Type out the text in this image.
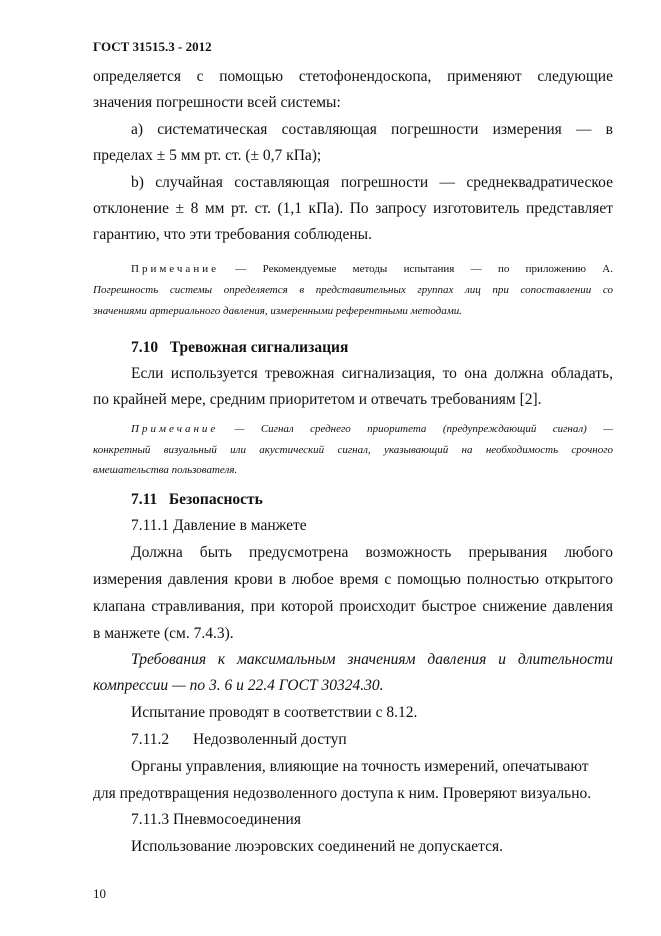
ГОСТ 31515.3 - 2012

определяется с помощью стетофонендоскопа, применяют следующие

значения погрешности всей системы:

а) систематическая составляющая погрешности измерения — в

пределах ± 5 мм рт. ст. (± 0,7 кПа);

b) случайная составляющая погрешности — среднеквадратическое

отклонение ± 8 мм рт. ст. (1,1 кПа). По запросу изготовитель представляет

гарантию, что эти требования соблюдены.

Примечание — Рекомендуемые методы испытания — по приложению А.

Погрешность системы определяется в представительных группах лиц при сопоставлении со

значениями артериального давления, измеренными референтными методами.

7.10 Тревожная сигнализация

Если используется тревожная сигнализация, то она должна обладать,

по крайней мере, средним приоритетом и отвечать требованиям [2].

Примечание — Сигнал среднего приоритета (предупреждающий сигнал) —

конкретный визуальный или акустический сигнал, указывающий на необходимость срочного

вмешательства пользователя.

7.11 Безопасность

7.11.1 Давление в манжете

Должна быть предусмотрена возможность прерывания любого

измерения давления крови в любое время с помощью полностью открытого

клапана стравливания, при которой происходит быстрое снижение давления

в манжете (см. 7.4.3).

Требования к максимальным значениям давления и длительности

компрессии — по 3. 6 и 22.4 ГОСТ 30324.30.

Испытание проводят в соответствии с 8.12.

7.11.2 Недозволенный доступ

Органы управления, влияющие на точность измерений, опечатывают

для предотвращения недозволенного доступа к ним. Проверяют визуально.

7.11.3 Пневмосоединения

Использование люэровских соединений не допускается.

10
